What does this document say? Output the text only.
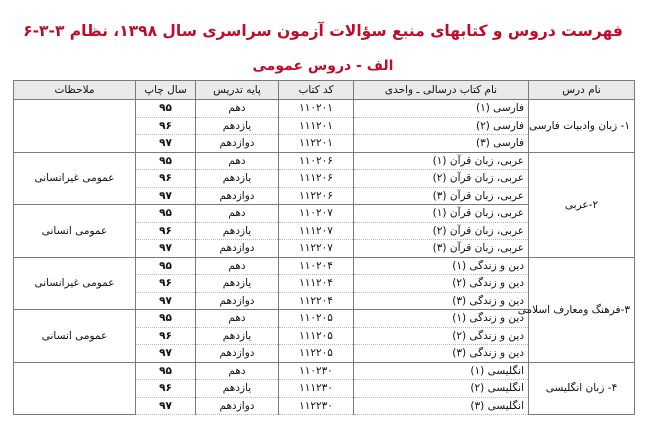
فهرست دروس و کتابهای منبع سؤالات آزمون سراسری سال ۱۳۹۸، نظام ۳-۳-۶
الف - دروس عمومی
نام درس	نام کتاب درسالی ـ واحدی	کد کتاب	پایه تدریس	سال چاپ	ملاحظات
۱- زبان وادبیات فارسی	فارسی (۱)	۱۱۰۲۰۱	دهم	۹۵	
	فارسی (۲)	۱۱۱۲۰۱	یازدهم	۹۶	
	فارسی (۳)	۱۱۲۲۰۱	دوازدهم	۹۷	
۲-عربی	عربی، زبان قرآن (۱)	۱۱۰۲۰۶	دهم	۹۵	عمومی غیرانسانی
	عربی، زبان قرآن (۲)	۱۱۱۲۰۶	یازدهم	۹۶	
	عربی، زبان قرآن (۳)	۱۱۲۲۰۶	دوازدهم	۹۷	
	عربی، زبان قرآن (۱)	۱۱۰۲۰۷	دهم	۹۵	عمومی انسانی
	عربی، زبان قرآن (۲)	۱۱۱۲۰۷	یازدهم	۹۶	
	عربی، زبان قرآن (۳)	۱۱۲۲۰۷	دوازدهم	۹۷	
۳-فرهنگ ومعارف اسلامی	دین و زندگی (۱)	۱۱۰۲۰۴	دهم	۹۵	عمومی غیرانسانی
	دین و زندگی (۲)	۱۱۱۲۰۴	یازدهم	۹۶	
	دین و زندگی (۳)	۱۱۲۲۰۴	دوازدهم	۹۷	
	دین و زندگی (۱)	۱۱۰۲۰۵	دهم	۹۵	عمومی انسانی
	دین و زندگی (۲)	۱۱۱۲۰۵	یازدهم	۹۶	
	دین و زندگی (۳)	۱۱۲۲۰۵	دوازدهم	۹۷	
۴- زبان انگلیسی	انگلیسی (۱)	۱۱۰۲۳۰	دهم	۹۵	
	انگلیسی (۲)	۱۱۱۲۳۰	یازدهم	۹۶	
	انگلیسی (۳)	۱۱۲۲۳۰	دوازدهم	۹۷	
